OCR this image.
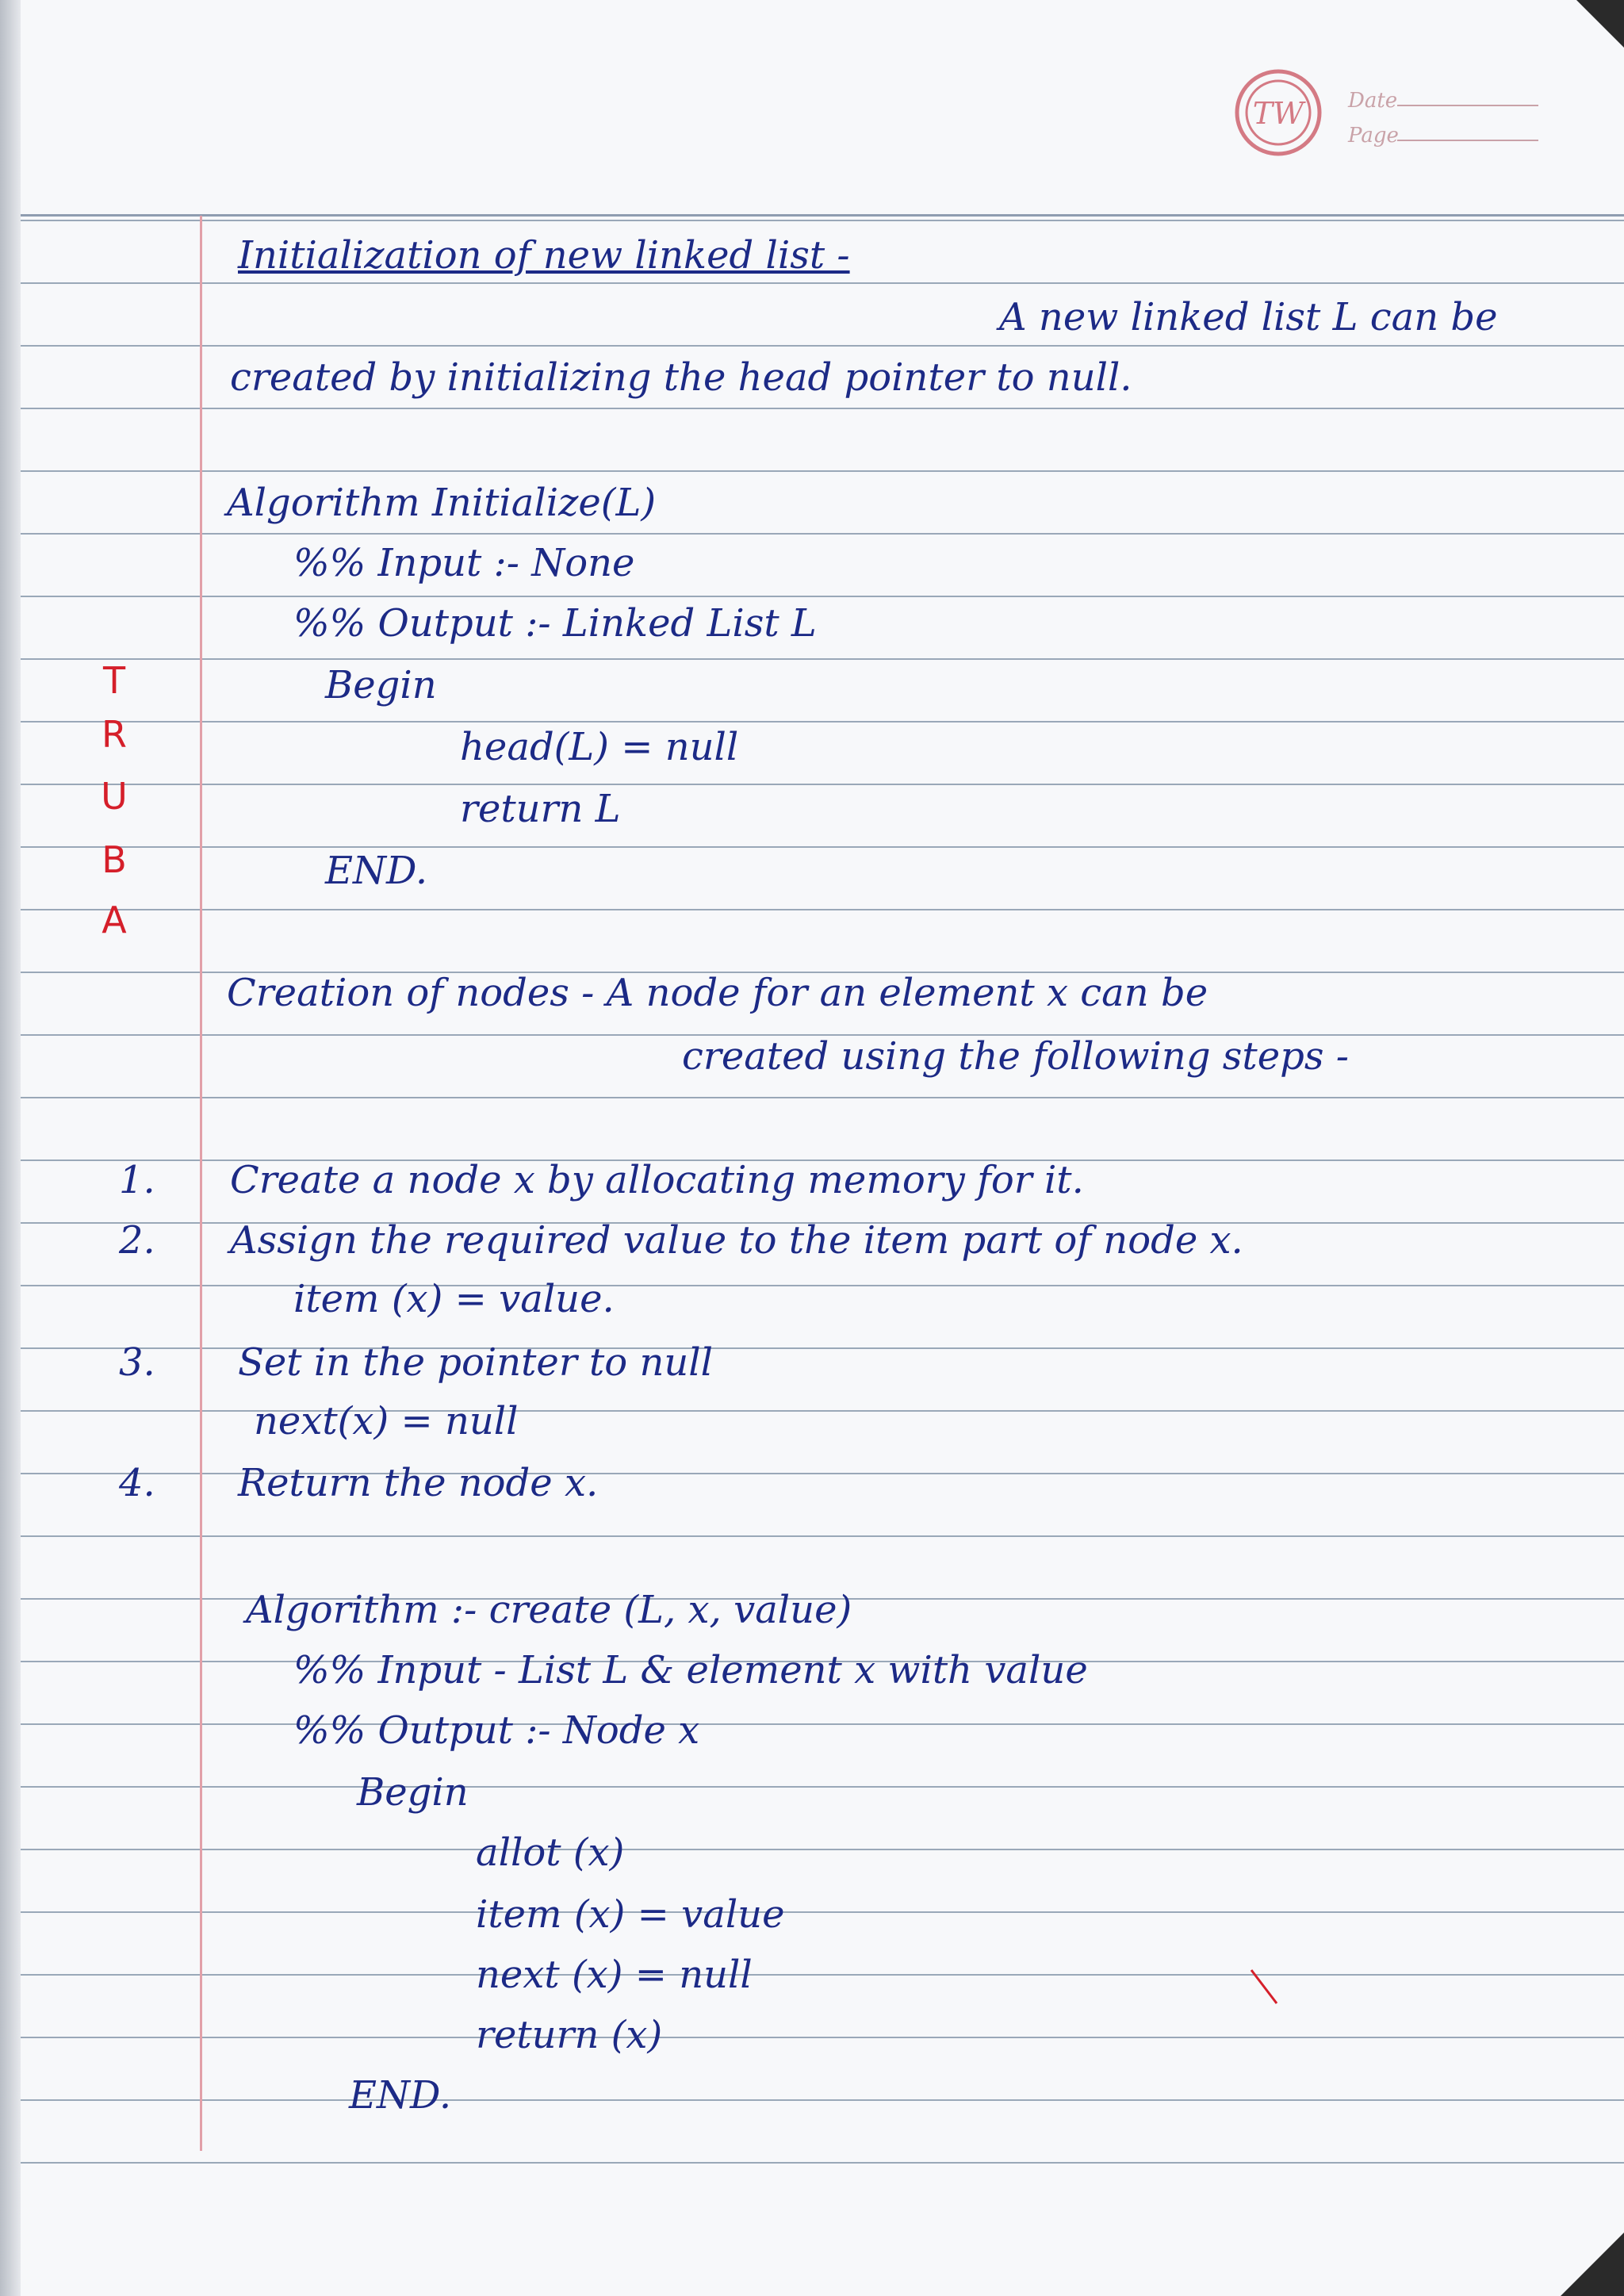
TW Date
Page
T
R
U
B
A
Initialization of new linked list -
A new linked list L can be
created by initializing the head pointer to null.
Algorithm Initialize(L)
%% Input :- None
%% Output :- Linked List L
Begin
head(L) = null
return L
END.
Creation of nodes - A node for an element x can be
created using the following steps -
1. Create a node x by allocating memory for it.
2. Assign the required value to the item part of node x.
item (x) = value.
3. Set in the pointer to null
next(x) = null
4. Return the node x.
Algorithm :- create (L, x, value)
%% Input - List L & element x with value
%% Output :- Node x
Begin
allot (x)
item (x) = value
next (x) = null
return (x)
END.
